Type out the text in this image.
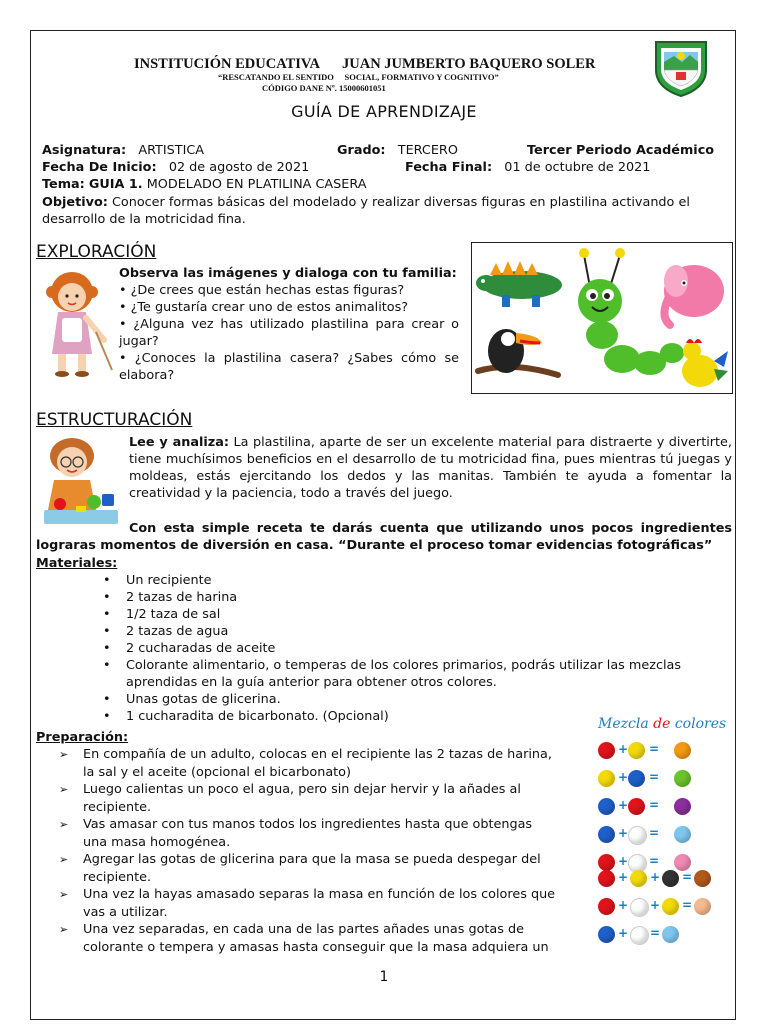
INSTITUCIÓN EDUCATIVA JUAN JUMBERTO BAQUERO SOLER
“RESCATANDO EL SENTIDO SOCIAL, FORMATIVO Y COGNITIVO”
CÓDIGO DANE Nº. 15000601051
GUÍA DE APRENDIZAJE
Asignatura: ARTISTICA	Grado: TERCERO	Tercer Periodo Académico
Fecha De Inicio: 02 de agosto de 2021	Fecha Final: 01 de octubre de 2021
Tema: GUIA 1. MODELADO EN PLATILINA CASERA
Objetivo: Conocer formas básicas del modelado y realizar diversas figuras en plastilina activando el desarrollo de la motricidad fina.
EXPLORACIÓN
Observa las imágenes y dialoga con tu familia:
• ¿De crees que están hechas estas figuras?
• ¿Te gustaría crear uno de estos animalitos?
• ¿Alguna vez has utilizado plastilina para crear o jugar?
• ¿Conoces la plastilina casera? ¿Sabes cómo se elabora?
ESTRUCTURACIÓN
Lee y analiza: La plastilina, aparte de ser un excelente material para distraerte y divertirte, tiene muchísimos beneficios en el desarrollo de tu motricidad fina, pues mientras tú juegas y moldeas, estás ejercitando los dedos y las manitas. También te ayuda a fomentar la creatividad y la paciencia, todo a través del juego.
Con esta simple receta te darás cuenta que utilizando unos pocos ingredientes lograras momentos de diversión en casa. “Durante el proceso tomar evidencias fotográficas”
Materiales:
• Un recipiente
• 2 tazas de harina
• 1/2 taza de sal
• 2 tazas de agua
• 2 cucharadas de aceite
• Colorante alimentario, o temperas de los colores primarios, podrás utilizar las mezclas aprendidas en la guía anterior para obtener otros colores.
• Unas gotas de glicerina.
• 1 cucharadita de bicarbonato. (Opcional)
Preparación:
➢ En compañía de un adulto, colocas en el recipiente las 2 tazas de harina, la sal y el aceite (opcional el bicarbonato)
➢ Luego calientas un poco el agua, pero sin dejar hervir y la añades al recipiente.
➢ Vas amasar con tus manos todos los ingredientes hasta que obtengas una masa homogénea.
➢ Agregar las gotas de glicerina para que la masa se pueda despegar del recipiente.
➢ Una vez la hayas amasado separas la masa en función de los colores que vas a utilizar.
➢ Una vez separadas, en cada una de las partes añades unas gotas de colorante o tempera y amasas hasta conseguir que la masa adquiera un
Mezcla de colores
+ =
+ =
+ =
+ =
+ =
+ + =
+ + =
+ =
1
